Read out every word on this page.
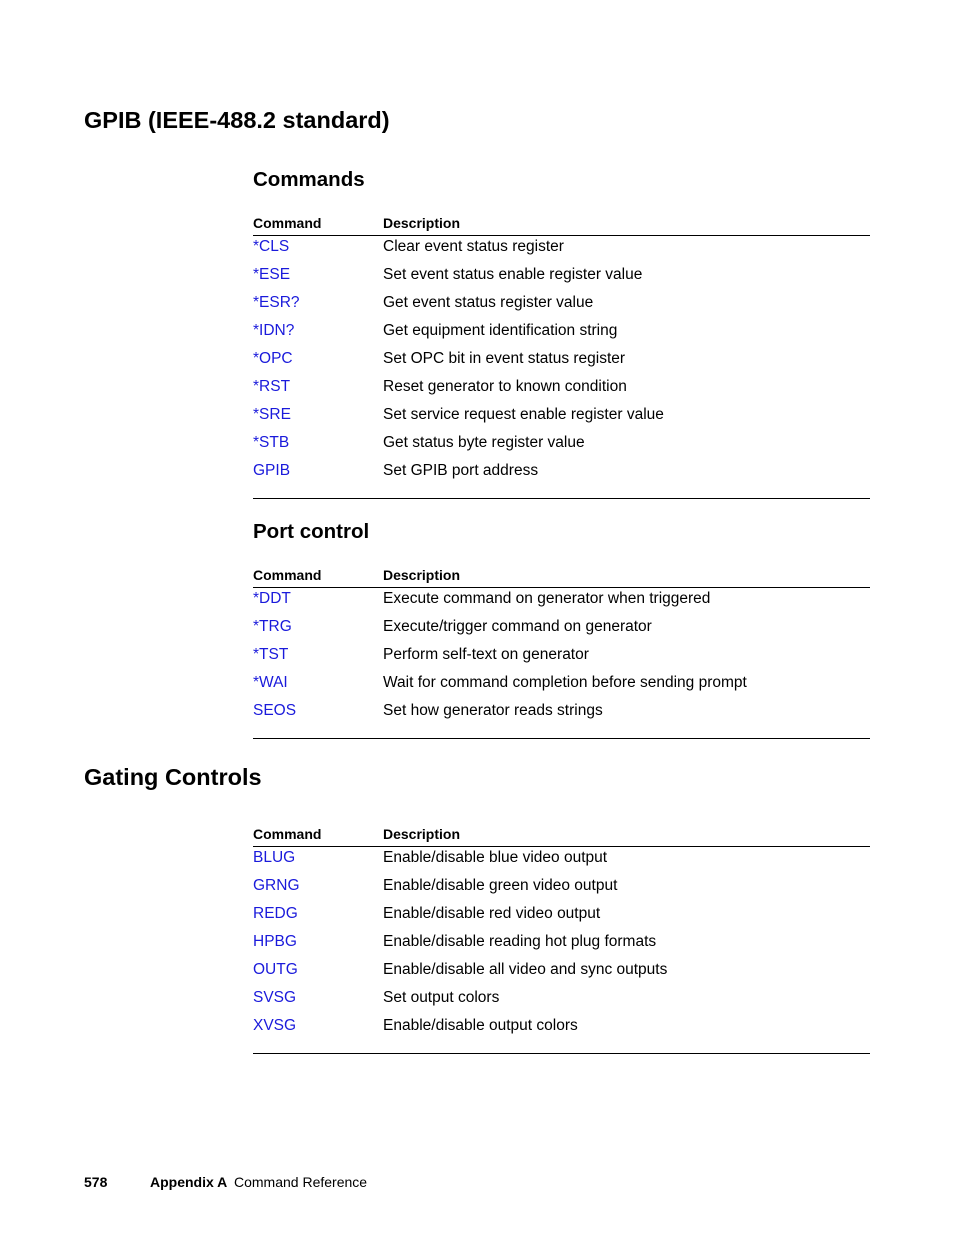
GPIB (IEEE-488.2 standard)
Commands
Command	Description
*CLS	Clear event status register
*ESE	Set event status enable register value
*ESR?	Get event status register value
*IDN?	Get equipment identification string
*OPC	Set OPC bit in event status register
*RST	Reset generator to known condition
*SRE	Set service request enable register value
*STB	Get status byte register value
GPIB	Set GPIB port address
Port control
Command	Description
*DDT	Execute command on generator when triggered
*TRG	Execute/trigger command on generator
*TST	Perform self-text on generator
*WAI	Wait for command completion before sending prompt
SEOS	Set how generator reads strings
Gating Controls
Command	Description
BLUG	Enable/disable blue video output
GRNG	Enable/disable green video output
REDG	Enable/disable red video output
HPBG	Enable/disable reading hot plug formats
OUTG	Enable/disable all video and sync outputs
SVSG	Set output colors
XVSG	Enable/disable output colors
578	Appendix A Command Reference
